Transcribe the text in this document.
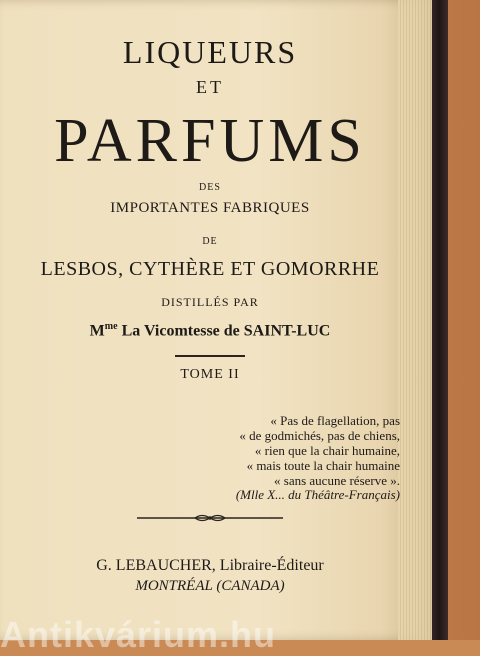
LIQUEURS
ET
PARFUMS
DES
IMPORTANTES FABRIQUES
DE
LESBOS, CYTHÈRE ET GOMORRHE
DISTILLÉS PAR
$M^{me}$ La Vicomtesse de SAINT-LUC
TOME II
« Pas de flagellation, pas
« de godmichés, pas de chiens,
« rien que la chair humaine,
« mais toute la chair humaine
« sans aucune réserve ».
(Mlle X... du Théâtre-Français)
G. LEBAUCHER, Libraire-Éditeur
MONTRÉAL (CANADA)
Antikvárium.hu
